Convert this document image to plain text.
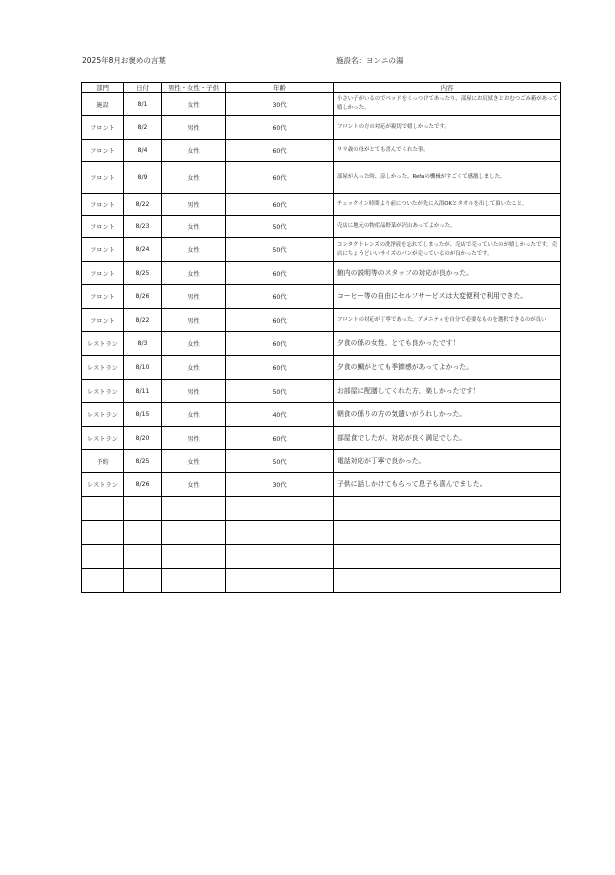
2025年8月お褒めの言葉	施設名：ヨンニの湯
部門	日付	男性・女性・子供	年齢	内容
施設	8/1	女性	30代	小さい子がいるのでベッドをくっつけてあったり、部屋にお尻拭きとおむつごみ箱があって嬉しかった。
フロント	8/2	男性	60代	フロントの方の対応が親切で嬉しかったです。
フロント	8/4	女性	60代	９９歳の母がとても喜んでくれた事。
フロント	8/9	女性	60代	部屋が入った時、涼しかった。Refaの機械がすごくて感激しました。
フロント	8/22	男性	60代	チェックイン時間より前についたが先に入浴OKとタオルを出して頂いたこと。
フロント	8/23	女性	50代	売店に地元の物産品野菜が沢山あってよかった。
フロント	8/24	女性	50代	コンタクトレンズの洗浄液を忘れてしまったが、売店で売っていたのが嬉しかったです。売店にちょうどいいサイズのパンが売っているのが良かったです。
フロント	8/25	女性	60代	館内の説明等のスタッフの対応が良かった。
フロント	8/26	男性	60代	コーヒー等の自由にセルフサービスは大変便利で利用できた。
フロント	8/22	男性	60代	フロントの対応が丁寧であった。アメニティを自分で必要なものを選択できるのが良い
レストラン	8/3	女性	60代	夕食の係の女性、とても良かったです！
レストラン	8/10	女性	60代	夕食の鯛がとても季節感があってよかった。
レストラン	8/11	男性	50代	お部屋に配膳してくれた方、楽しかったです！
レストラン	8/15	女性	40代	朝食の係りの方の気遣いがうれしかった。
レストラン	8/20	男性	60代	部屋食でしたが、対応が良く満足でした。
予約	8/25	女性	50代	電話対応が丁寧で良かった。
レストラン	8/26	女性	30代	子供に話しかけてもらって息子も喜んでました。
